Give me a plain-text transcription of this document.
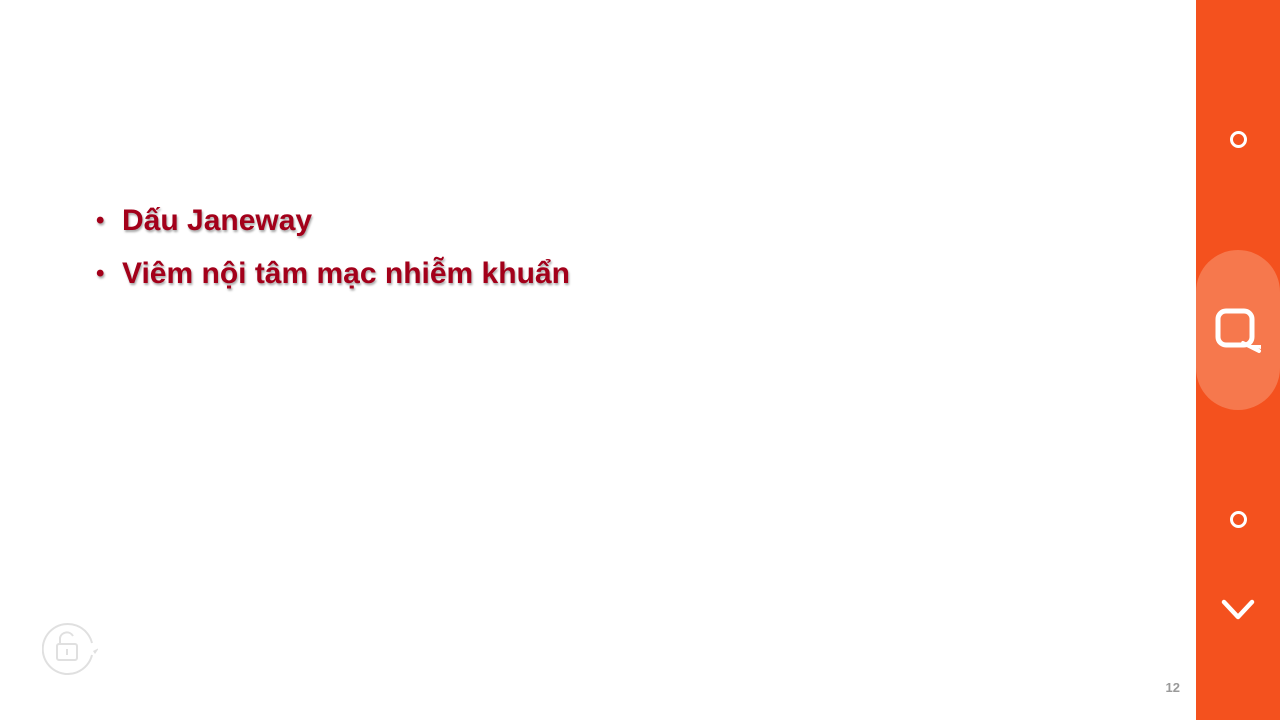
• Dấu Janeway
• Viêm nội tâm mạc nhiễm khuẩn
12
